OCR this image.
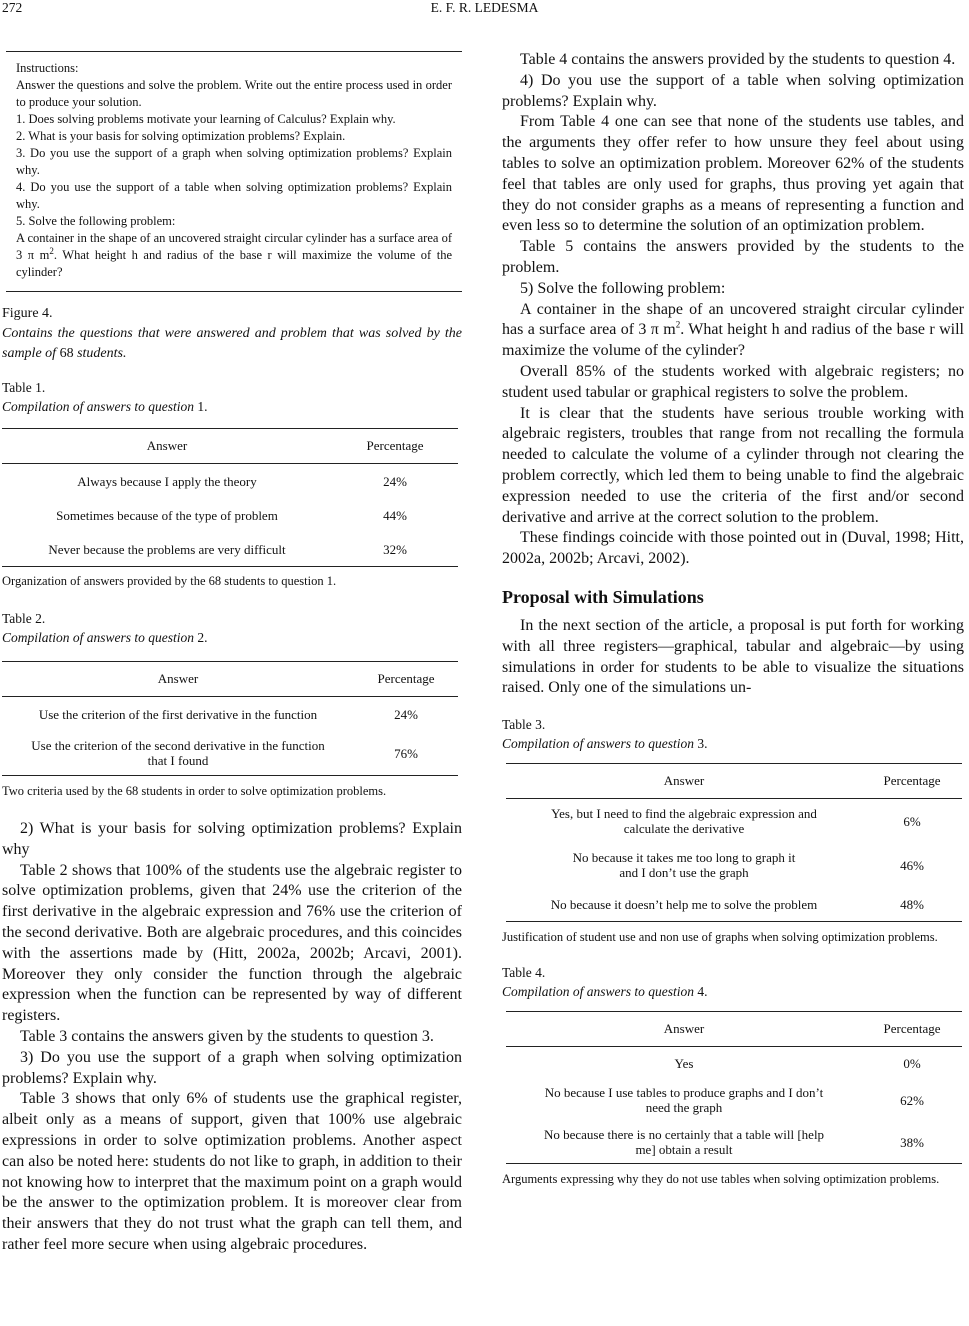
272	E. F. R. LEDESMA
Instructions:
Answer the questions and solve the problem. Write out the entire process used in order to produce your solution.
1. Does solving problems motivate your learning of Calculus? Explain why.
2. What is your basis for solving optimization problems? Explain.
3. Do you use the support of a graph when solving optimization problems? Explain why.
4. Do you use the support of a table when solving optimization problems? Explain why.
5. Solve the following problem:
A container in the shape of an uncovered straight circular cylinder has a surface area of 3 π $m^2$. What height h and radius of the base r will maximize the volume of the cylinder?
Figure 4.
Contains the questions that were answered and problem that was solved by the sample of 68 students.
Table 1.
Compilation of answers to question 1.
Answer	Percentage
Always because I apply the theory	24%
Sometimes because of the type of problem	44%
Never because the problems are very difficult	32%
Organization of answers provided by the 68 students to question 1.
Table 2.
Compilation of answers to question 2.
Answer	Percentage
Use the criterion of the first derivative in the function	24%
Use the criterion of the second derivative in the function that I found	76%
Two criteria used by the 68 students in order to solve optimization problems.

2) What is your basis for solving optimization problems? Explain why

Table 2 shows that 100% of the students use the algebraic register to solve optimization problems, given that 24% use the criterion of the first derivative in the algebraic expression and 76% use the criterion of the second derivative. Both are algebraic procedures, and this coincides with the assertions made by (Hitt, 2002a, 2002b; Arcavi, 2001). Moreover they only consider the function through the algebraic expression when the function can be represented by way of different registers.

Table 3 contains the answers given by the students to question 3.

3) Do you use the support of a graph when solving optimization problems? Explain why.

Table 3 shows that only 6% of students use the graphical register, albeit only as a means of support, given that 100% use algebraic expressions in order to solve optimization problems. Another aspect can also be noted here: students do not like to graph, in addition to their not knowing how to interpret that the maximum point on a graph would be the answer to the optimization problem. It is moreover clear from their answers that they do not trust what the graph can tell them, and rather feel more secure when using algebraic procedures.

Table 4 contains the answers provided by the students to question 4.

4) Do you use the support of a table when solving optimization problems? Explain why.

From Table 4 one can see that none of the students use tables, and the arguments they offer refer to how unsure they feel about using tables to solve an optimization problem. Moreover 62% of the students feel that tables are only used for graphs, thus proving yet again that they do not consider graphs as a means of representing a function and even less so to determine the solution of an optimization problem.

Table 5 contains the answers provided by the students to the problem.

5) Solve the following problem:

A container in the shape of an uncovered straight circular cylinder has a surface area of 3 π $m^2$. What height h and radius of the base r will maximize the volume of the cylinder?

Overall 85% of the students worked with algebraic registers; no student used tabular or graphical registers to solve the problem.

It is clear that the students have serious trouble working with algebraic registers, troubles that range from not recalling the formula needed to calculate the volume of a cylinder through not clearing the problem correctly, which led them to being unable to find the algebraic expression needed to use the criteria of the first and/or second derivative and arrive at the correct solution to the problem.

These findings coincide with those pointed out in (Duval, 1998; Hitt, 2002a, 2002b; Arcavi, 2002).

Proposal with Simulations

In the next section of the article, a proposal is put forth for working with all three registers—graphical, tabular and algebraic—by using simulations in order for students to be able to visualize the situations raised. Only one of the simulations un-

Table 3.
Compilation of answers to question 3.
Answer	Percentage
Yes, but I need to find the algebraic expression and calculate the derivative	6%
No because it takes me too long to graph it and I don’t use the graph	46%
No because it doesn’t help me to solve the problem	48%
Justification of student use and non use of graphs when solving optimization problems.
Table 4.
Compilation of answers to question 4.
Answer	Percentage
Yes	0%
No because I use tables to produce graphs and I don’t need the graph	62%
No because there is no certainly that a table will [help me] obtain a result	38%
Arguments expressing why they do not use tables when solving optimization problems.
